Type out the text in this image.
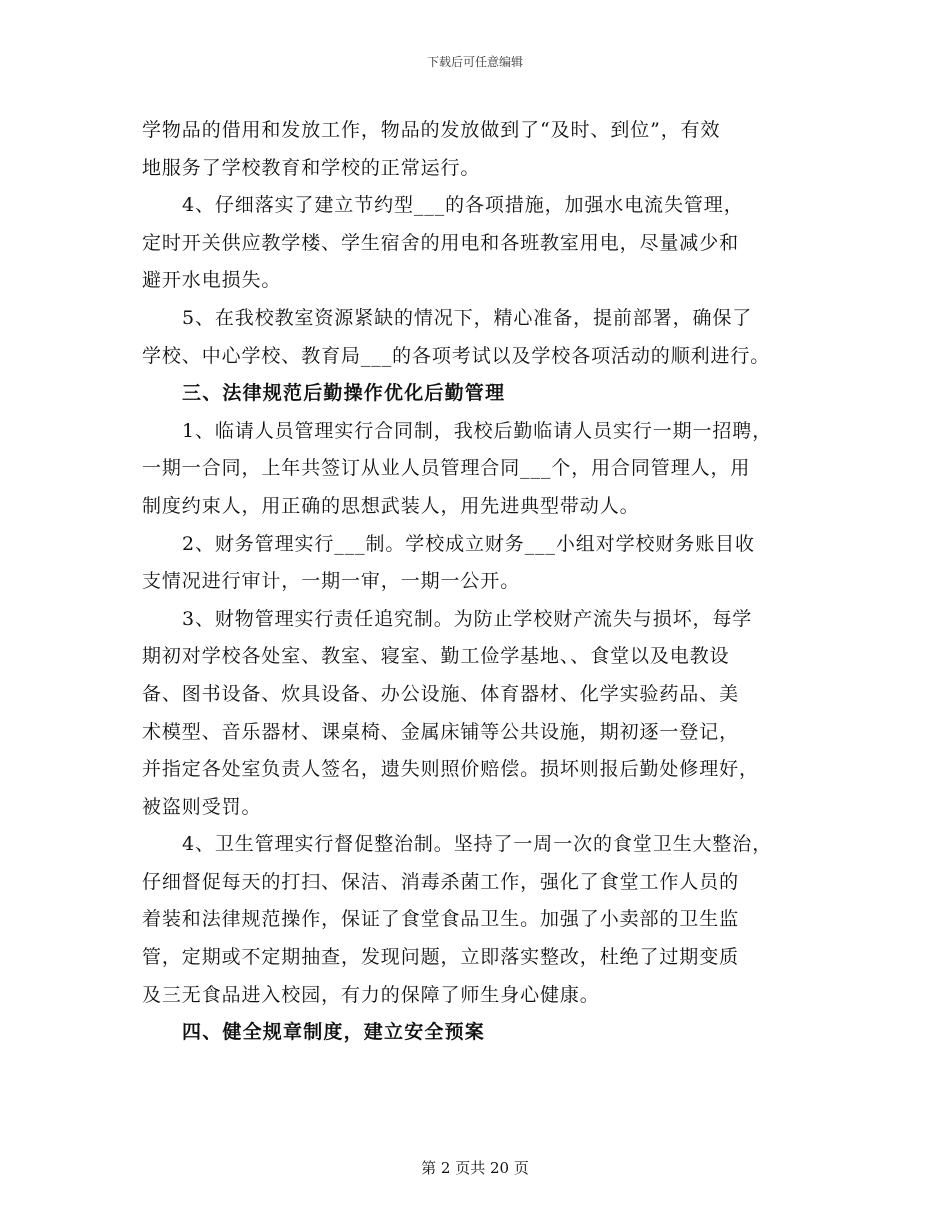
下载后可任意编辑
学物品的借用和发放工作，物品的发放做到了“及时、到位”，有效
地服务了学校教育和学校的正常运行。
4、仔细落实了建立节约型___的各项措施，加强水电流失管理，
定时开关供应教学楼、学生宿舍的用电和各班教室用电，尽量减少和
避开水电损失。
5、在我校教室资源紧缺的情况下，精心准备，提前部署，确保了
学校、中心学校、教育局___的各项考试以及学校各项活动的顺利进行。
三、法律规范后勤操作优化后勤管理
1、临请人员管理实行合同制，我校后勤临请人员实行一期一招聘，
一期一合同，上年共签订从业人员管理合同___个，用合同管理人，用
制度约束人，用正确的思想武装人，用先进典型带动人。
2、财务管理实行___制。学校成立财务___小组对学校财务账目收
支情况进行审计，一期一审，一期一公开。
3、财物管理实行责任追究制。为防止学校财产流失与损坏，每学
期初对学校各处室、教室、寝室、勤工俭学基地、、食堂以及电教设
备、图书设备、炊具设备、办公设施、体育器材、化学实验药品、美
术模型、音乐器材、课桌椅、金属床铺等公共设施，期初逐一登记，
并指定各处室负责人签名，遗失则照价赔偿。损坏则报后勤处修理好，
被盗则受罚。
4、卫生管理实行督促整治制。坚持了一周一次的食堂卫生大整治，
仔细督促每天的打扫、保洁、消毒杀菌工作，强化了食堂工作人员的
着装和法律规范操作，保证了食堂食品卫生。加强了小卖部的卫生监
管，定期或不定期抽查，发现问题，立即落实整改，杜绝了过期变质
及三无食品进入校园，有力的保障了师生身心健康。
四、健全规章制度，建立安全预案
第 2 页共 20 页
